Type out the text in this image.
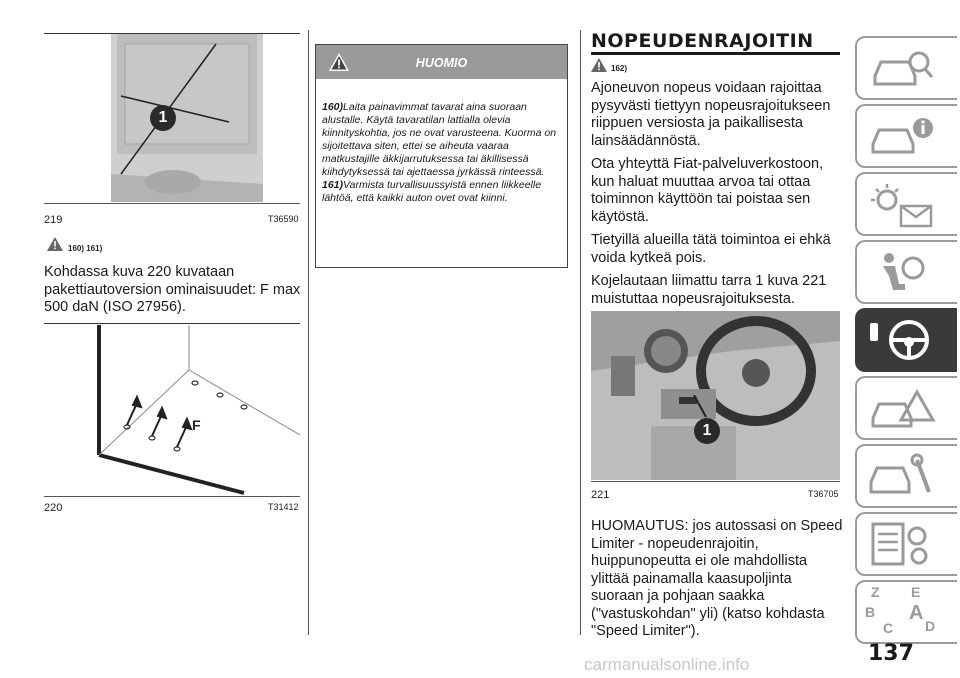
1
219	T36590
160) 161)
Kohdassa kuva 220 kuvataan pakettiautoversion ominaisuudet: F max 500 daN (ISO 27956).
F
220	T31412
HUOMIO
160)Laita painavimmat tavarat aina suoraan alustalle. Käytä tavaratilan lattialla olevia kiinnityskohtia, jos ne ovat varusteena. Kuorma on sijoitettava siten, ettei se aiheuta vaaraa matkustajille äkkijarrutuksessa tai äkillisessä kiihdytyksessä tai ajettaessa jyrkässä rinteessä.
161)Varmista turvallisuussyistä ennen liikkeelle lähtöä, että kaikki auton ovet ovat kiinni.
NOPEUDENRAJOITIN
162)

Ajoneuvon nopeus voidaan rajoittaa pysyvästi tiettyyn nopeusrajoitukseen riippuen versiosta ja paikallisesta lainsäädännöstä.

Ota yhteyttä Fiat-palveluverkostoon, kun haluat muuttaa arvoa tai ottaa toiminnon käyttöön tai poistaa sen käytöstä.

Tietyillä alueilla tätä toimintoa ei ehkä voida kytkeä pois.

Kojelautaan liimattu tarra 1 kuva 221 muistuttaa nopeusrajoituksesta.

1
221	T36705
HUOMAUTUS: jos autossasi on Speed Limiter - nopeudenrajoitin, huippunopeutta ei ole mahdollista ylittää painamalla kaasupoljinta suoraan ja pohjaan saakka ("vastuskohdan" yli) (katso kohdasta "Speed Limiter").
Z E
B A
C D
137
carmanualsonline.info
